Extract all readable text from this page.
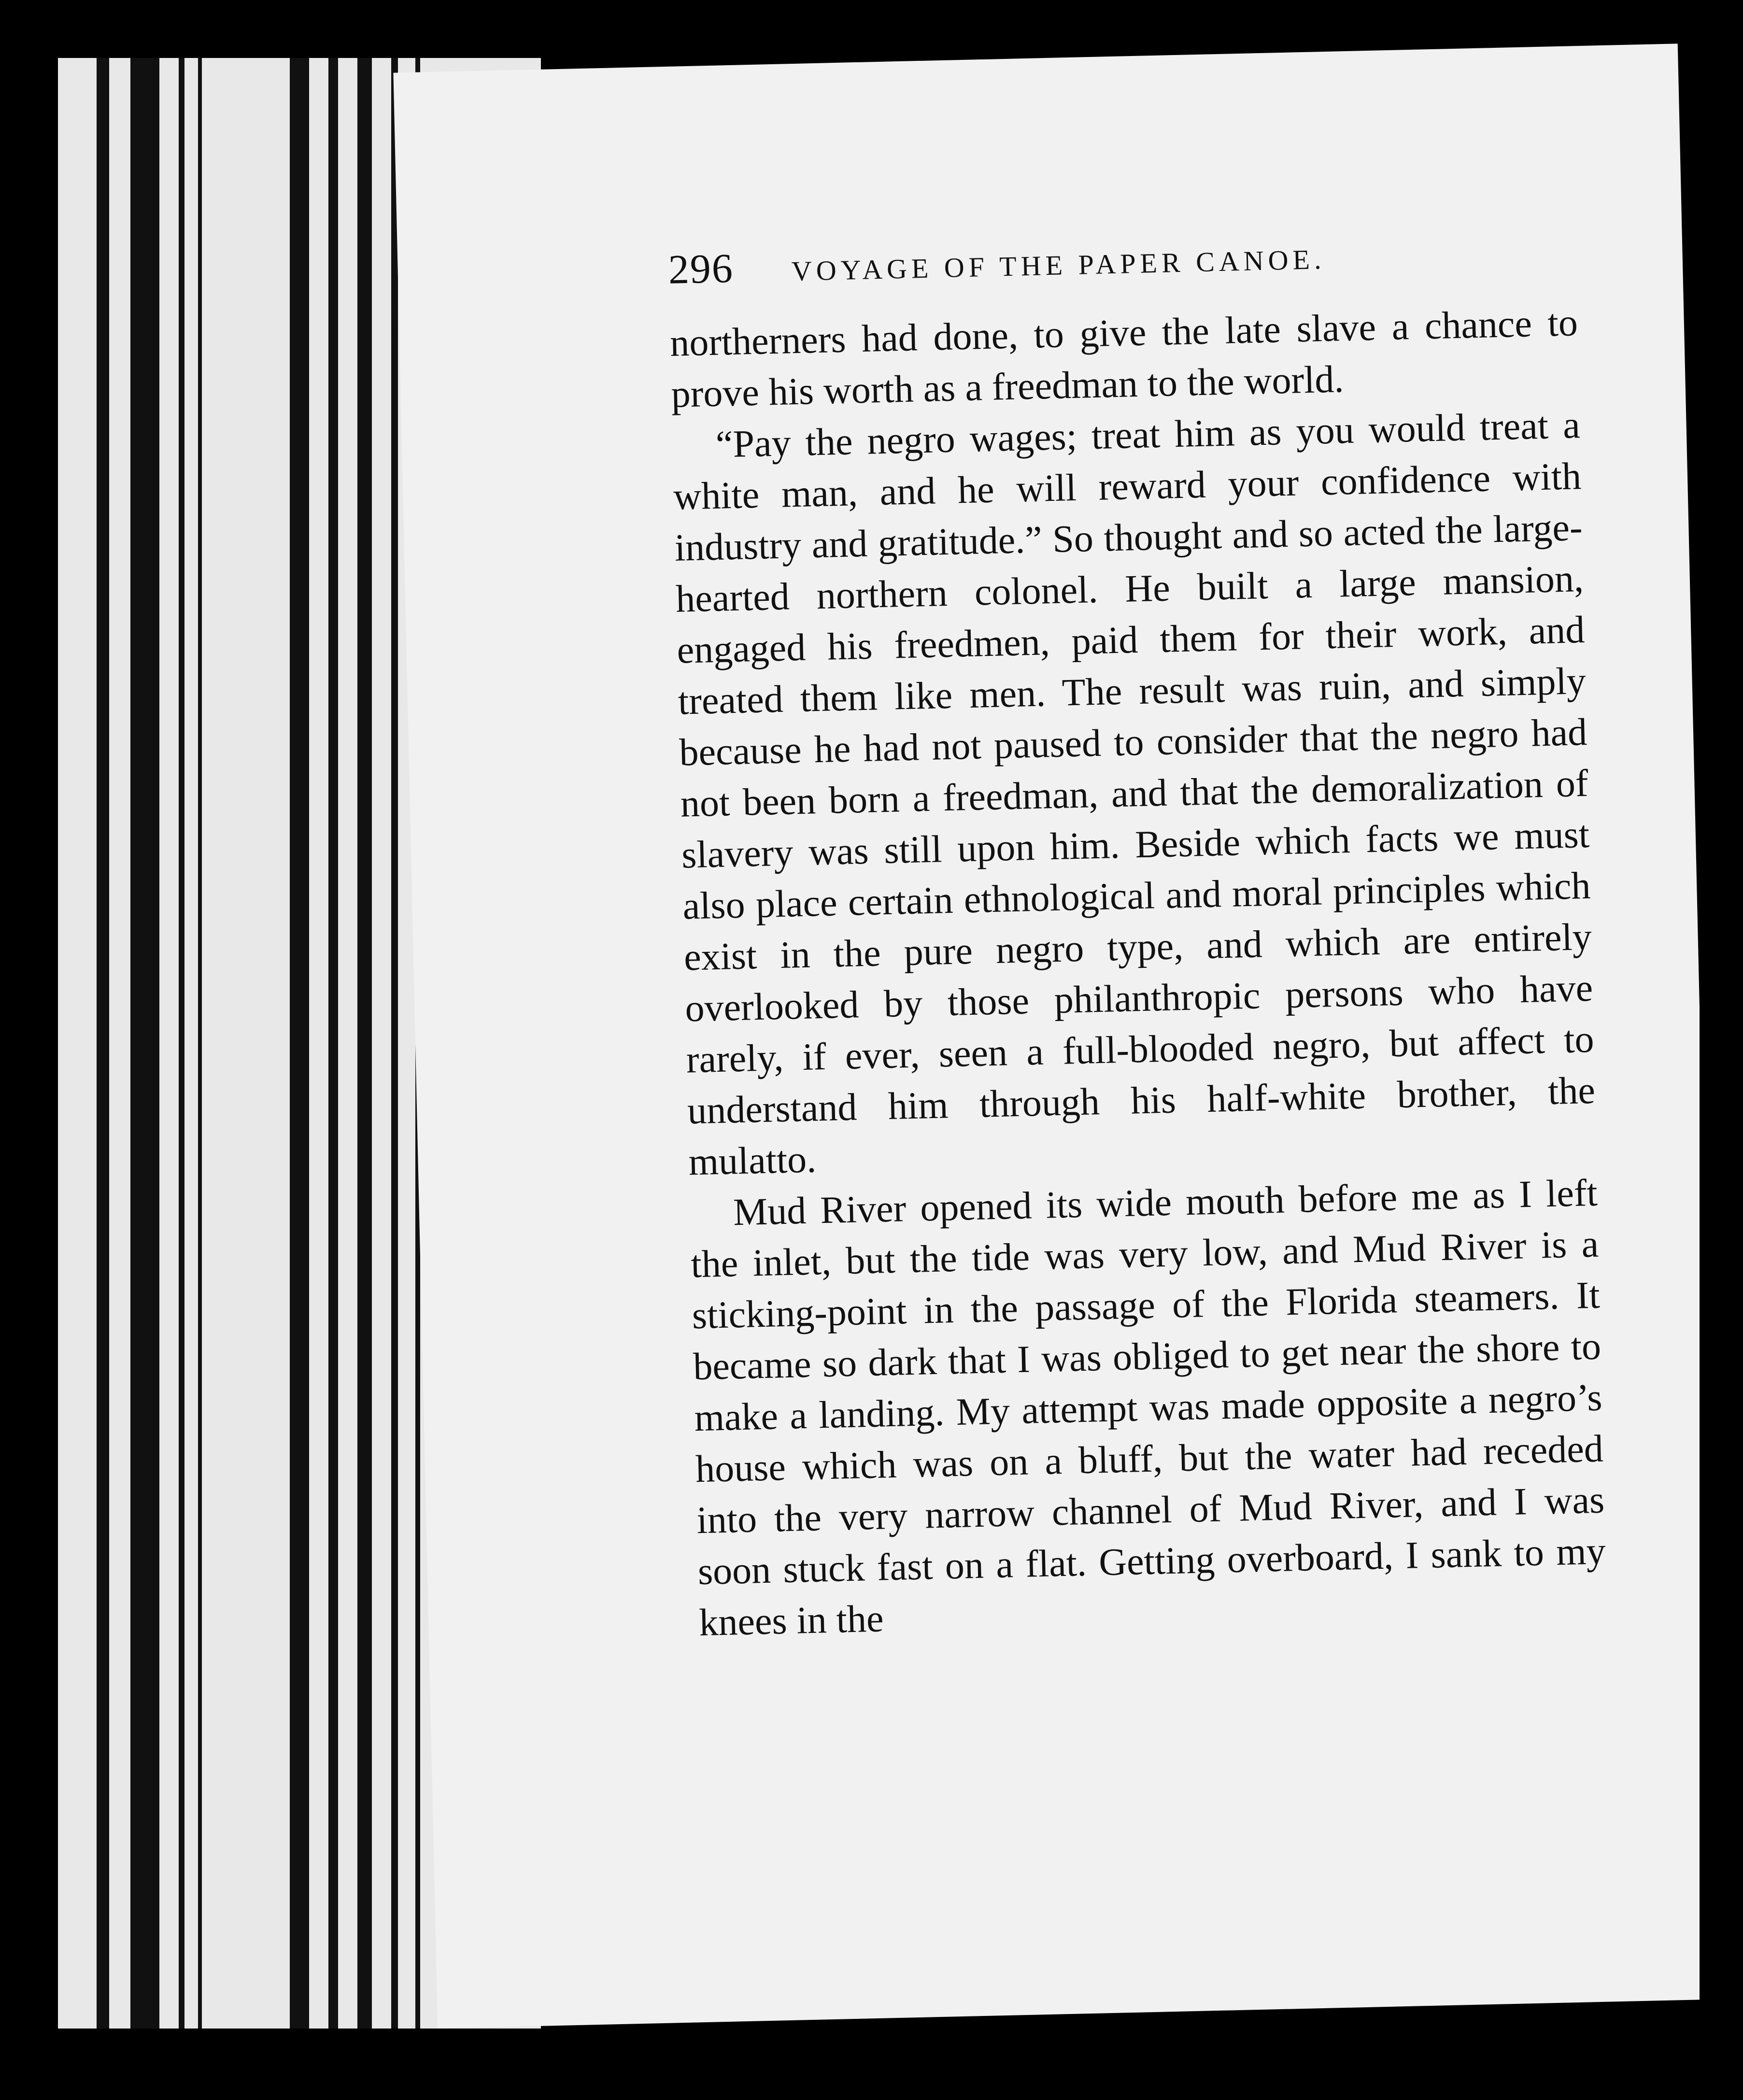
296 VOYAGE OF THE PAPER CANOE.

northerners had done, to give the late slave a chance to prove his worth as a freedman to the world.

“Pay the negro wages; treat him as you would treat a white man, and he will reward your confidence with industry and gratitude.” So thought and so acted the large-hearted northern colonel. He built a large mansion, engaged his freedmen, paid them for their work, and treated them like men. The result was ruin, and simply because he had not paused to consider that the negro had not been born a freedman, and that the demoralization of slavery was still upon him. Beside which facts we must also place certain ethnological and moral principles which exist in the pure negro type, and which are entirely overlooked by those philanthropic persons who have rarely, if ever, seen a full-blooded negro, but affect to understand him through his half-white brother, the mulatto.

Mud River opened its wide mouth before me as I left the inlet, but the tide was very low, and Mud River is a sticking-point in the passage of the Florida steamers. It became so dark that I was obliged to get near the shore to make a landing. My attempt was made opposite a negro’s house which was on a bluff, but the water had receded into the very narrow channel of Mud River, and I was soon stuck fast on a flat. Getting overboard, I sank to my knees in the
